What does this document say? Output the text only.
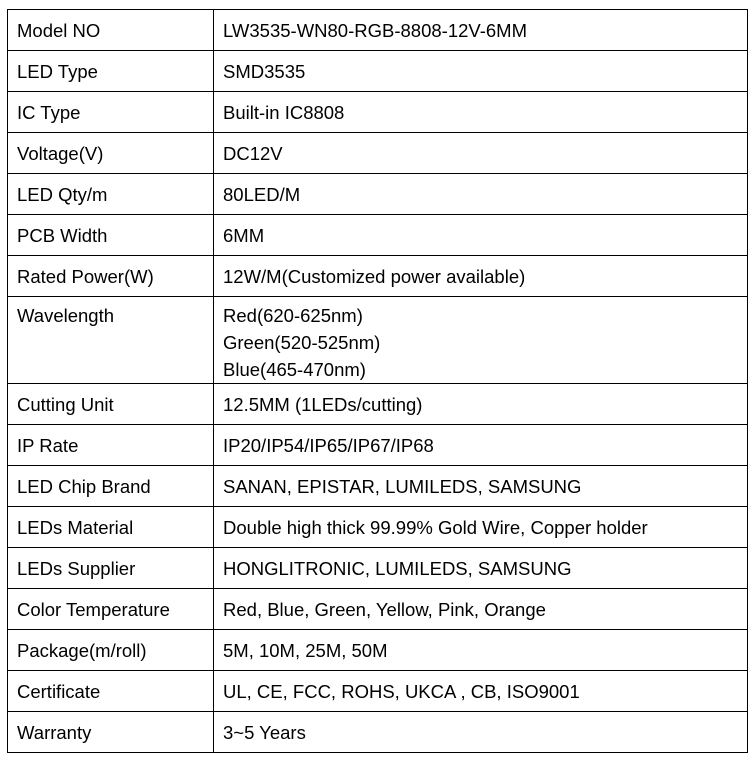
Model NO	LW3535-WN80-RGB-8808-12V-6MM
LED Type	SMD3535
IC Type	Built-in IC8808
Voltage(V)	DC12V
LED Qty/m	80LED/M
PCB Width	6MM
Rated Power(W)	12W/M(Customized power available)
Wavelength	Red(620-625nm)
Green(520-525nm)
Blue(465-470nm)

Cutting Unit	12.5MM (1LEDs/cutting)
IP Rate	IP20/IP54/IP65/IP67/IP68
LED Chip Brand	SANAN, EPISTAR, LUMILEDS, SAMSUNG
LEDs Material	Double high thick 99.99% Gold Wire, Copper holder
LEDs Supplier	HONGLITRONIC, LUMILEDS, SAMSUNG
Color Temperature	Red, Blue, Green, Yellow, Pink, Orange
Package(m/roll)	5M, 10M, 25M, 50M
Certificate	UL, CE, FCC, ROHS, UKCA , CB, ISO9001
Warranty	3~5 Years
